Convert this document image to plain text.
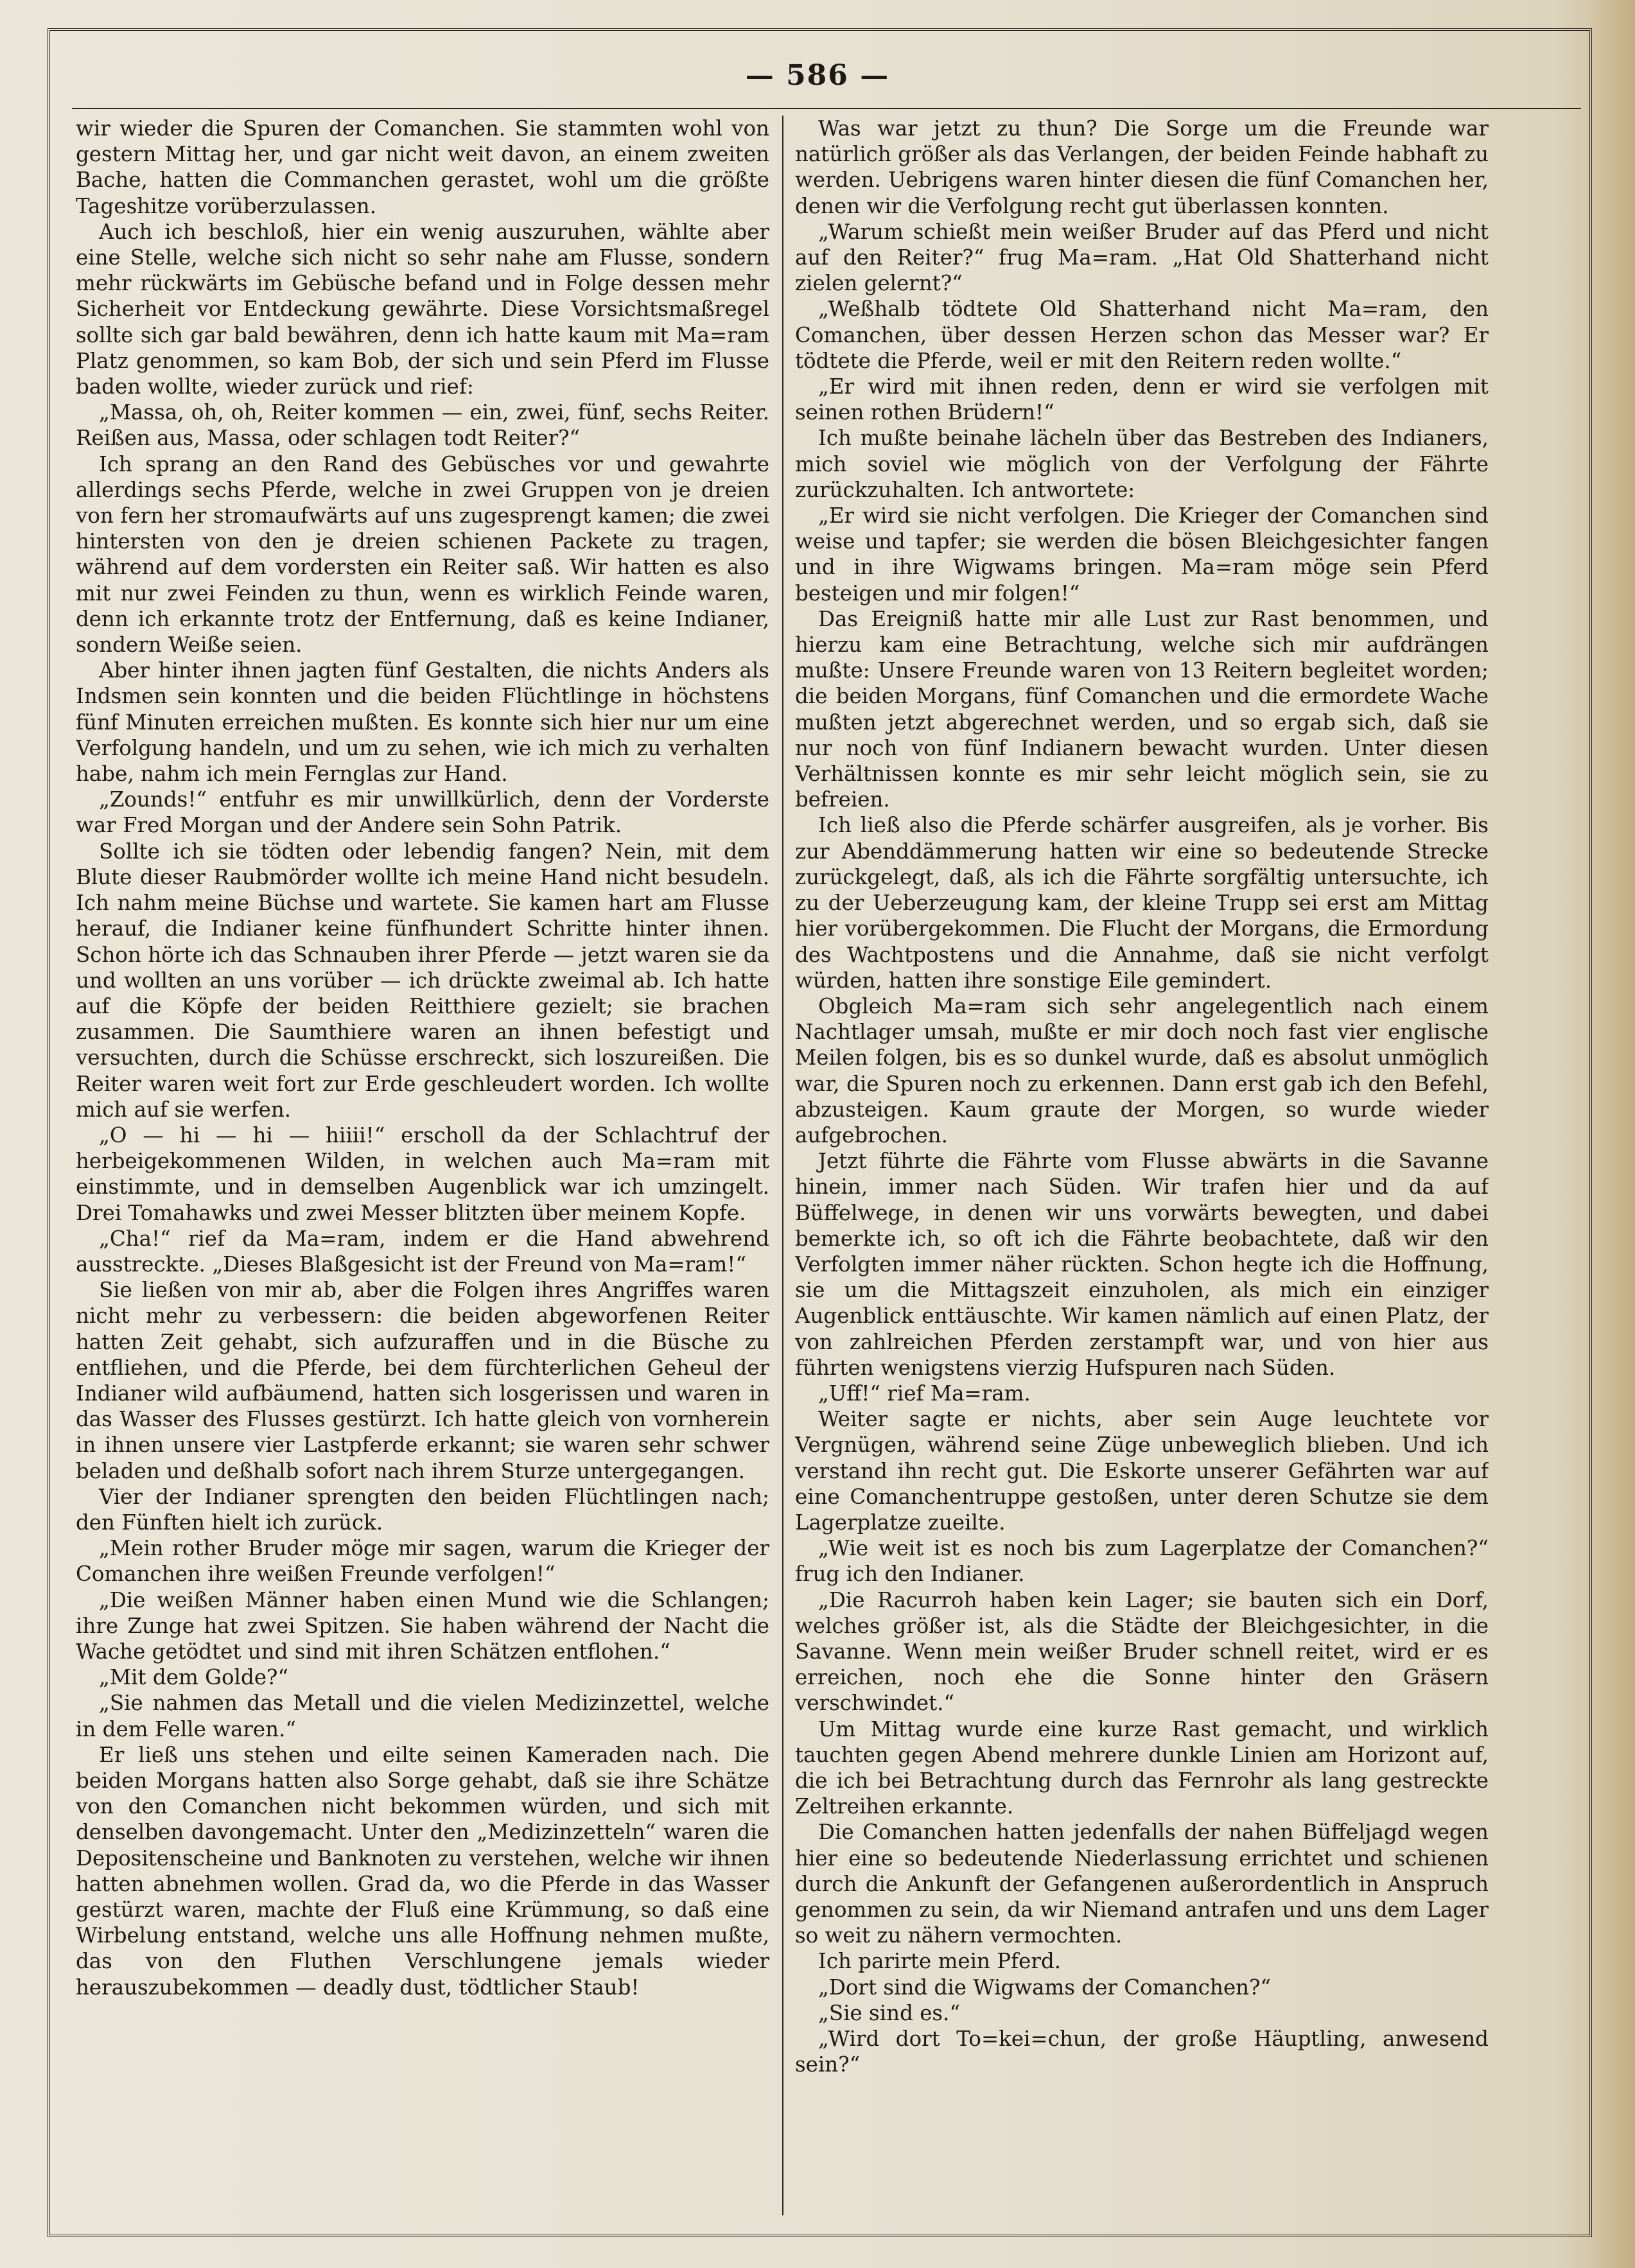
— 586 —

wir wieder die Spuren der Comanchen. Sie stammten wohl von gestern Mittag her, und gar nicht weit davon, an einem zweiten Bache, hatten die Commanchen gerastet, wohl um die größte Tageshitze vorüberzulassen.

Auch ich beschloß, hier ein wenig auszuruhen, wählte aber eine Stelle, welche sich nicht so sehr nahe am Flusse, sondern mehr rückwärts im Gebüsche befand und in Folge dessen mehr Sicherheit vor Entdeckung gewährte. Diese Vorsichtsmaßregel sollte sich gar bald bewähren, denn ich hatte kaum mit Ma=ram Platz genommen, so kam Bob, der sich und sein Pferd im Flusse baden wollte, wieder zurück und rief:

„Massa, oh, oh, Reiter kommen — ein, zwei, fünf, sechs Reiter. Reißen aus, Massa, oder schlagen todt Reiter?“

Ich sprang an den Rand des Gebüsches vor und gewahrte allerdings sechs Pferde, welche in zwei Gruppen von je dreien von fern her stromaufwärts auf uns zugesprengt kamen; die zwei hintersten von den je dreien schienen Packete zu tragen, während auf dem vordersten ein Reiter saß. Wir hatten es also mit nur zwei Feinden zu thun, wenn es wirklich Feinde waren, denn ich erkannte trotz der Entfernung, daß es keine Indianer, sondern Weiße seien.

Aber hinter ihnen jagten fünf Gestalten, die nichts Anders als Indsmen sein konnten und die beiden Flüchtlinge in höchstens fünf Minuten erreichen mußten. Es konnte sich hier nur um eine Verfolgung handeln, und um zu sehen, wie ich mich zu verhalten habe, nahm ich mein Fernglas zur Hand.

„Zounds!“ entfuhr es mir unwillkürlich, denn der Vorderste war Fred Morgan und der Andere sein Sohn Patrik.

Sollte ich sie tödten oder lebendig fangen? Nein, mit dem Blute dieser Raubmörder wollte ich meine Hand nicht besudeln. Ich nahm meine Büchse und wartete. Sie kamen hart am Flusse herauf, die Indianer keine fünfhundert Schritte hinter ihnen. Schon hörte ich das Schnauben ihrer Pferde — jetzt waren sie da und wollten an uns vorüber — ich drückte zweimal ab. Ich hatte auf die Köpfe der beiden Reitthiere gezielt; sie brachen zusammen. Die Saumthiere waren an ihnen befestigt und versuchten, durch die Schüsse erschreckt, sich loszureißen. Die Reiter waren weit fort zur Erde geschleudert worden. Ich wollte mich auf sie werfen.

„O — hi — hi — hiiii!“ erscholl da der Schlachtruf der herbeigekommenen Wilden, in welchen auch Ma=ram mit einstimmte, und in demselben Augenblick war ich umzingelt. Drei Tomahawks und zwei Messer blitzten über meinem Kopfe.

„Cha!“ rief da Ma=ram, indem er die Hand abwehrend ausstreckte. „Dieses Blaßgesicht ist der Freund von Ma=ram!“

Sie ließen von mir ab, aber die Folgen ihres Angriffes waren nicht mehr zu verbessern: die beiden abgeworfenen Reiter hatten Zeit gehabt, sich aufzuraffen und in die Büsche zu entfliehen, und die Pferde, bei dem fürchterlichen Geheul der Indianer wild aufbäumend, hatten sich losgerissen und waren in das Wasser des Flusses gestürzt. Ich hatte gleich von vornherein in ihnen unsere vier Lastpferde erkannt; sie waren sehr schwer beladen und deßhalb sofort nach ihrem Sturze untergegangen.

Vier der Indianer sprengten den beiden Flüchtlingen nach; den Fünften hielt ich zurück.

„Mein rother Bruder möge mir sagen, warum die Krieger der Comanchen ihre weißen Freunde verfolgen!“

„Die weißen Männer haben einen Mund wie die Schlangen; ihre Zunge hat zwei Spitzen. Sie haben während der Nacht die Wache getödtet und sind mit ihren Schätzen entflohen.“

„Mit dem Golde?“

„Sie nahmen das Metall und die vielen Medizinzettel, welche in dem Felle waren.“

Er ließ uns stehen und eilte seinen Kameraden nach. Die beiden Morgans hatten also Sorge gehabt, daß sie ihre Schätze von den Comanchen nicht bekommen würden, und sich mit denselben davongemacht. Unter den „Medizinzetteln“ waren die Depositenscheine und Banknoten zu verstehen, welche wir ihnen hatten abnehmen wollen. Grad da, wo die Pferde in das Wasser gestürzt waren, machte der Fluß eine Krümmung, so daß eine Wirbelung entstand, welche uns alle Hoffnung nehmen mußte, das von den Fluthen Verschlungene jemals wieder herauszubekommen — deadly dust, tödtlicher Staub!

Was war jetzt zu thun? Die Sorge um die Freunde war natürlich größer als das Verlangen, der beiden Feinde habhaft zu werden. Uebrigens waren hinter diesen die fünf Comanchen her, denen wir die Verfolgung recht gut überlassen konnten.

„Warum schießt mein weißer Bruder auf das Pferd und nicht auf den Reiter?“ frug Ma=ram. „Hat Old Shatterhand nicht zielen gelernt?“

„Weßhalb tödtete Old Shatterhand nicht Ma=ram, den Comanchen, über dessen Herzen schon das Messer war? Er tödtete die Pferde, weil er mit den Reitern reden wollte.“

„Er wird mit ihnen reden, denn er wird sie verfolgen mit seinen rothen Brüdern!“

Ich mußte beinahe lächeln über das Bestreben des Indianers, mich soviel wie möglich von der Verfolgung der Fährte zurückzuhalten. Ich antwortete:

„Er wird sie nicht verfolgen. Die Krieger der Comanchen sind weise und tapfer; sie werden die bösen Bleichgesichter fangen und in ihre Wigwams bringen. Ma=ram möge sein Pferd besteigen und mir folgen!“

Das Ereigniß hatte mir alle Lust zur Rast benommen, und hierzu kam eine Betrachtung, welche sich mir aufdrängen mußte: Unsere Freunde waren von 13 Reitern begleitet worden; die beiden Morgans, fünf Comanchen und die ermordete Wache mußten jetzt abgerechnet werden, und so ergab sich, daß sie nur noch von fünf Indianern bewacht wurden. Unter diesen Verhältnissen konnte es mir sehr leicht möglich sein, sie zu befreien.

Ich ließ also die Pferde schärfer ausgreifen, als je vorher. Bis zur Abenddämmerung hatten wir eine so bedeutende Strecke zurückgelegt, daß, als ich die Fährte sorgfältig untersuchte, ich zu der Ueberzeugung kam, der kleine Trupp sei erst am Mittag hier vorübergekommen. Die Flucht der Morgans, die Ermordung des Wachtpostens und die Annahme, daß sie nicht verfolgt würden, hatten ihre sonstige Eile gemindert.

Obgleich Ma=ram sich sehr angelegentlich nach einem Nachtlager umsah, mußte er mir doch noch fast vier englische Meilen folgen, bis es so dunkel wurde, daß es absolut unmöglich war, die Spuren noch zu erkennen. Dann erst gab ich den Befehl, abzusteigen. Kaum graute der Morgen, so wurde wieder aufgebrochen.

Jetzt führte die Fährte vom Flusse abwärts in die Savanne hinein, immer nach Süden. Wir trafen hier und da auf Büffelwege, in denen wir uns vorwärts bewegten, und dabei bemerkte ich, so oft ich die Fährte beobachtete, daß wir den Verfolgten immer näher rückten. Schon hegte ich die Hoffnung, sie um die Mittagszeit einzuholen, als mich ein einziger Augenblick enttäuschte. Wir kamen nämlich auf einen Platz, der von zahlreichen Pferden zerstampft war, und von hier aus führten wenigstens vierzig Hufspuren nach Süden.

„Uff!“ rief Ma=ram.

Weiter sagte er nichts, aber sein Auge leuchtete vor Vergnügen, während seine Züge unbeweglich blieben. Und ich verstand ihn recht gut. Die Eskorte unserer Gefährten war auf eine Comanchentruppe gestoßen, unter deren Schutze sie dem Lagerplatze zueilte.

„Wie weit ist es noch bis zum Lagerplatze der Comanchen?“ frug ich den Indianer.

„Die Racurroh haben kein Lager; sie bauten sich ein Dorf, welches größer ist, als die Städte der Bleichgesichter, in die Savanne. Wenn mein weißer Bruder schnell reitet, wird er es erreichen, noch ehe die Sonne hinter den Gräsern verschwindet.“

Um Mittag wurde eine kurze Rast gemacht, und wirklich tauchten gegen Abend mehrere dunkle Linien am Horizont auf, die ich bei Betrachtung durch das Fernrohr als lang gestreckte Zeltreihen erkannte.

Die Comanchen hatten jedenfalls der nahen Büffeljagd wegen hier eine so bedeutende Niederlassung errichtet und schienen durch die Ankunft der Gefangenen außerordentlich in Anspruch genommen zu sein, da wir Niemand antrafen und uns dem Lager so weit zu nähern vermochten.

Ich parirte mein Pferd.

„Dort sind die Wigwams der Comanchen?“

„Sie sind es.“

„Wird dort To=kei=chun, der große Häuptling, anwesend sein?“
